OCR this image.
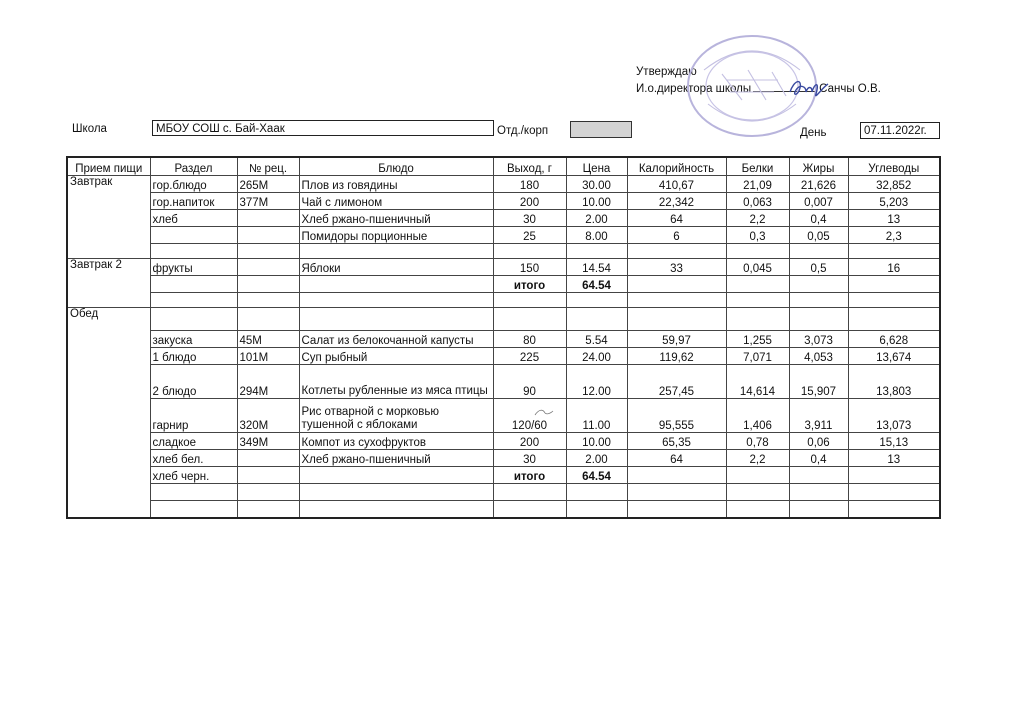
Утверждаю
И.о.директора школы	Санчы О.В.
Школа	МБОУ СОШ с. Бай-Хаак	Отд./корп	День	07.11.2022г.
Прием пищи	Раздел	№ рец.	Блюдо	Выход, г	Цена	Калорийность	Белки	Жиры	Углеводы
Завтрак	гор.блюдо	265М	Плов из говядины	180	30.00	410,67	21,09	21,626	32,852
	гор.напиток	377М	Чай с лимоном	200	10.00	22,342	0,063	0,007	5,203
	хлеб		Хлеб ржано-пшеничный	30	2.00	64	2,2	0,4	13
			Помидоры порционные	25	8.00	6	0,3	0,05	2,3

Завтрак 2	фрукты		Яблоки	150	14.54	33	0,045	0,5	16
				итого	64.54				

Обед									
	закуска	45М	Салат из белокочанной капусты	80	5.54	59,97	1,255	3,073	6,628
	1 блюдо	101М	Суп рыбный	225	24.00	119,62	7,071	4,053	13,674
	2 блюдо	294М	Котлеты рубленные из мяса птицы	90	12.00	257,45	14,614	15,907	13,803
	гарнир	320М	Рис отварной с морковью тушенной с яблоками	120/60	11.00	95,555	1,406	3,911	13,073
	сладкое	349М	Компот из сухофруктов	200	10.00	65,35	0,78	0,06	15,13
	хлеб бел.		Хлеб ржано-пшеничный	30	2.00	64	2,2	0,4	13
	хлеб черн.			итого	64.54				
